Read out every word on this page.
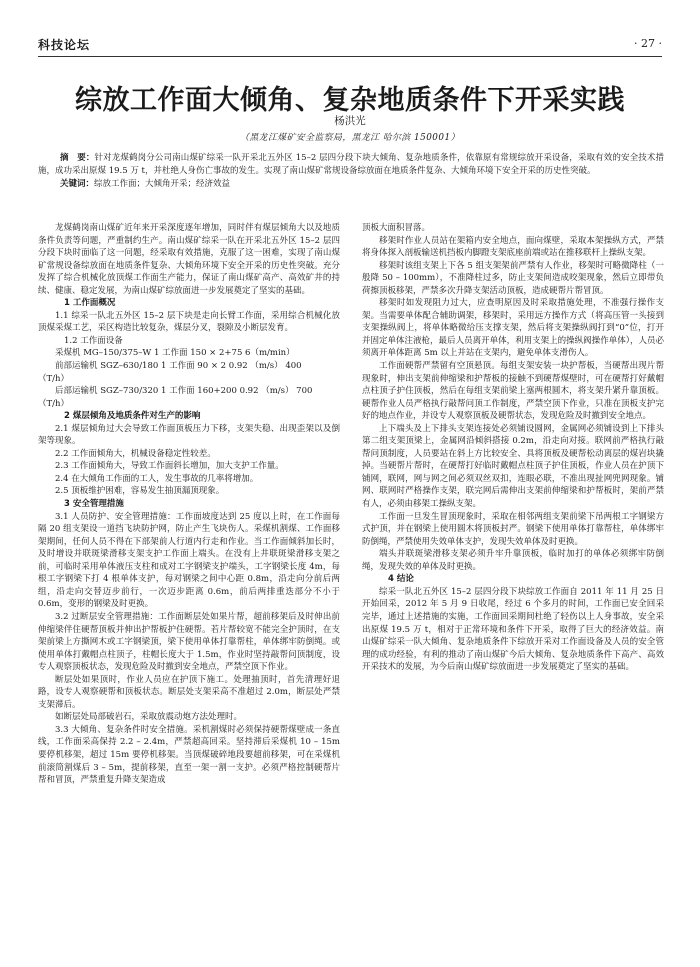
科技论坛	· 27 ·
综放工作面大倾角、复杂地质条件下开采实践
杨洪光
（黑龙江煤矿安全监察局，黑龙江 哈尔滨 150001）
摘　要：针对龙煤鹤岗分公司南山煤矿综采一队开采北五外区 15–2 层四分段下块大倾角、复杂地质条件，依靠原有常规综放开采设备，采取有效的安全技术措施，成功采出原煤 19.5 万 t，并杜绝人身伤亡事故的发生。实现了南山煤矿常规设备综放面在地质条件复杂、大倾角环境下安全开采的历史性突破。
关键词：综放工作面；大倾角开采；经济效益

龙煤鹤岗南山煤矿近年来开采深度逐年增加，同时伴有煤层倾角大以及地质条件负责等问题，严重制约生产。南山煤矿综采一队在开采北五外区 15–2 层四分段下块时面临了这一问题，经采取有效措施，克服了这一困难，实现了南山煤矿常规设备综放面在地质条件复杂、大倾角环境下安全开采的历史性突破。充分发挥了综合机械化放顶煤工作面生产能力，保证了南山煤矿高产、高效矿井的持续、健康、稳定发展，为南山煤矿综放面进一步发展奠定了坚实的基础。

1 工作面概况

1.1 综采一队北五外区 15–2 层下块是走向长臂工作面，采用综合机械化放顶煤采煤工艺，采区构造比较复杂，煤层分叉，裂隙及小断层发育。

1.2 工作面设备

采煤机 MG–150/375–W 1 工作面 150 × 2+75 6（m/min）

前部运输机 SGZ–630/180 1 工作面 90 × 2 0.92 （m/s） 400

（T/h）

后部运输机 SGZ–730/320 1 工作面 160+200 0.92 （m/s） 700

（T/h）

2 煤层倾角及地质条件对生产的影响

2.1 煤层倾角过大会导致工作面顶板压力下移，支架失稳、出现歪架以及倒架等现象。

2.2 工作面倾角大，机械设备稳定性较差。

2.3 工作面倾角大，导致工作面斜长增加，加大支护工作量。

2.4 在大倾角工作面的工人，发生事故的几率将增加。

2.5 顶板维护困难，容易发生抽顶漏顶现象。

3 安全管理措施

3.1 人员防护、安全管理措施：工作面坡度达到 25 度以上时，在工作面每隔 20 组支架设一道挡飞块防护网，防止产生飞块伤人。采煤机割煤、工作面移架期间，任何人员不得在下部架前人行道内行走和作业。当工作面倾斜加长时，及时增设并联斑梁滑移支架支护工作面上端头。在没有上井联斑梁滑移支架之前，可临时采用单体液压支柱和成对工字钢梁支护端头，工字钢梁长度 4m，每根工字钢梁下打 4 根单体支护，每对钢梁之间中心距 0.8m，沿走向分前后两组，沿走向交替迈步前行，一次迈步距离 0.6m，前后两排重迭部分不小于 0.6m，变形的钢梁及时更换。

3.2 过断层安全管理措施：工作面断层处如果片帮，超前移架后及时伸出前伸缩梁伴住硬帮顶板并伸出护帮板护住硬帮。若片帮较宽不能完全护顶时，在支架前梁上方撕网木或工字钢梁顶，梁下使用单体打靠帮柱，单体绑牢防倒绳。或使用单体打戴帽点柱顶子，柱帽长度大于 1.5m，作业时坚持敲帮问顶制度，设专人观察顶板状态，发现危险及时撤到安全地点，严禁空顶下作业。

断层处如果顶时，作业人员应在护顶下施工。处理抽顶时，首先清理好退路，设专人观察硬帮和顶板状态。断层处支架采高不准超过 2.0m，断层处严禁支架滞后。

如断层处局部破岩石，采取放震动炮方法处理时。

3.3 大倾角、复杂条件时安全措施。采机割煤时必须保持硬帮煤壁成一条直线，工作面采高保持 2.2 – 2.4m，严禁超高回采。坚持滞后采煤机 10 – 15m 要停机移架，超过 15m 要停机移架。当顶煤破碎地段要超前移架，可在采煤机前滚筒割煤后 3 – 5m，提前移架，直至一架一割一支护。必须严格控制硬帮片帮和冒顶，严禁重复升降支架造成

顶板大面积冒落。

移架时作业人员站在架箱内安全地点，面向煤壁，采取本架操纵方式，严禁将身体探入剖板输送机挡板内脚蹬支架底座前端或站在推移联杆上操纵支架。

移架时该组支架上下各 5 组支架架前严禁有人作业，移架时可略微降柱（一般降 50 – 100mm），不准降柱过多，防止支架间造成咬架现象，然后立即带负荷擦顶板移架，严禁多次升降支架活动顶板，造成硬帮片帮冒顶。

移架时如发现阻力过大，应查明原因及时采取措施处理，不准强行操作支架。当需要单体配合辅助调架，移架时，采用远方操作方式（将高压管一头接到支架操纵阀上，将单体略微给压支撑支架，然后将支架操纵阀打到“0”位，打开并固定单体注液枪，最后人员离开单体，利用支架上的操纵阀操作单体），人员必须离开单体距离 5m 以上并站在支架内，避免单体支滑伤人。

工作面硬帮严禁留有空顶悬顶。每组支架安装一块护帮板，当硬帮出现片帮现象时，伸出支架前伸缩梁和护帮板的接触不到硬帮煤壁时，可在硬帮打好戴帽点柱顶子护住顶板，然后在每组支架前梁上塞两根圆木，将支架升紧升靠顶板。硬帮作业人员严格执行敲帮问顶工作制度，严禁空顶下作业，只准在顶板支护完好的地点作业，并设专人观察顶板及硬帮状态，发现危险及时撤到安全地点。

上下端头及上下排头支架连接处必须铺设圆网，金属网必须铺设到上下排头第二组支架顶梁上，金属网沿倾斜搭接 0.2m，沿走向对接。联网前严格执行敲帮问顶制度，人员要站在斜上方比较安全、具将顶板及硬帮松动离层的煤岩块撬掉。当硬帮片帮时，在硬帮打好临时戴帽点柱顶子护住顶板，作业人员在护顶下铺网，联网，网与网之间必须双丝双扣，连眼必联，不准出现扯网兜网现象。铺网、联网时严格操作支架，联完网后需伸出支架前伸缩梁和护帮板时，架前严禁有人，必须由移架工操纵支架。

工作面一旦发生冒顶现象时，采取在相邻两组支架前梁下吊两根工字钢梁方式护顶，并在钢梁上使用圆木将顶板封严。钢梁下使用单体打靠帮柱，单体绑牢防倒绳，严禁使用失效单体支护，发现失效单体及时更换。

端头并联斑梁滑移支架必须升牢升靠顶板，临时加打的单体必须绑牢防倒绳，发现失效的单体及时更换。

4 结论

综采一队北五外区 15–2 层四分段下块综放工作面自 2011 年 11 月 25 日开始回采，2012 年 5 月 9 日收尾，经过 6 个多月的时间，工作面已安全回采完毕，通过上述措施的实施，工作面回采期间杜绝了轻伤以上人身事故，安全采出原煤 19.5 万 t，相对于正常环境和条件下开采，取得了巨大的经济效益。南山煤矿综采一队大倾角、复杂地质条件下综放开采对工作面设备及人员的安全管理的成功经验，有利的推动了南山煤矿今后大倾角、复杂地质条件下高产、高效开采技术的发展，为今后南山煤矿综放面进一步发展奠定了坚实的基础。
